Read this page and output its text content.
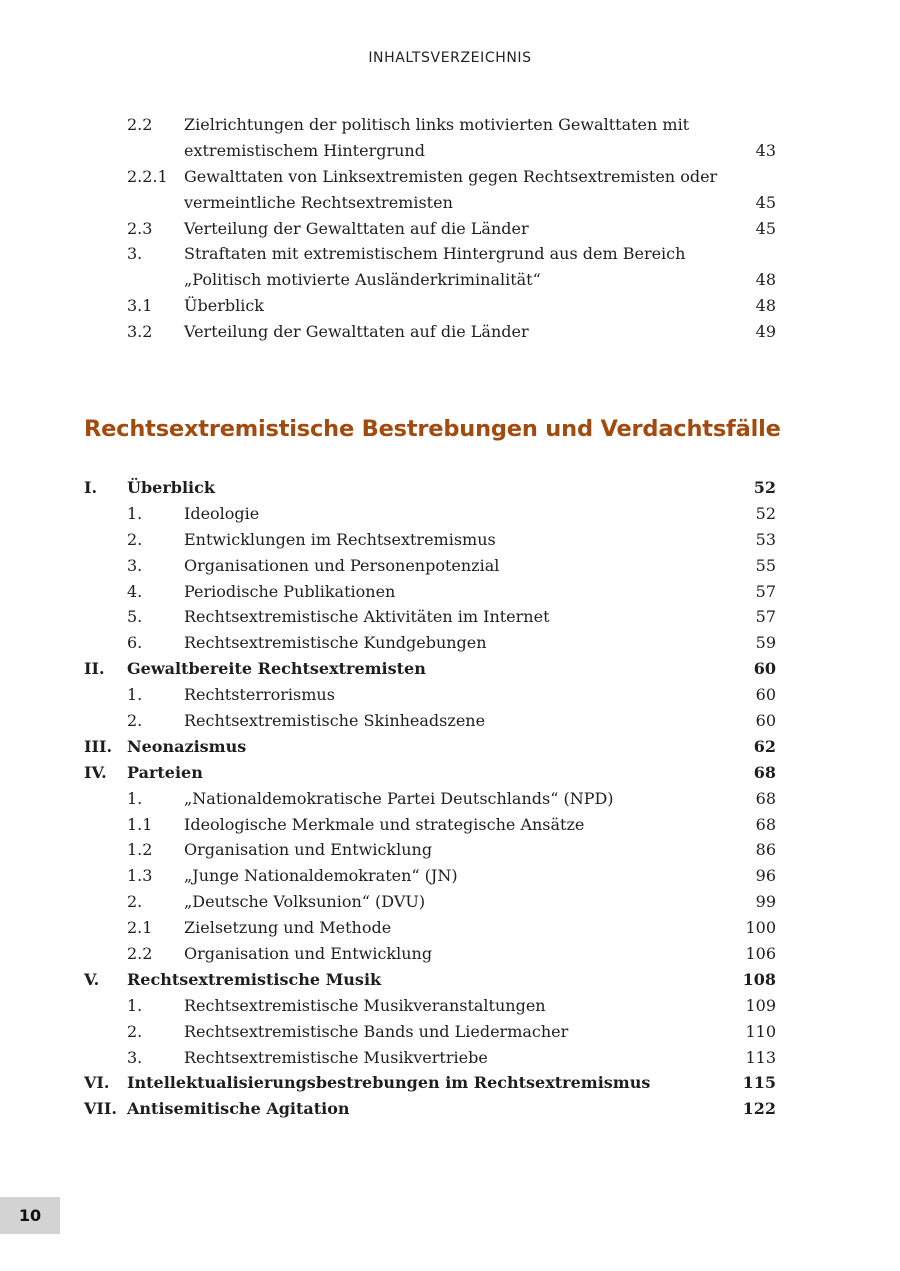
INHALTSVERZEICHNIS
2.2 Zielrichtungen der politisch links motivierten Gewalttaten mit
extremistischem Hintergrund	43
2.2.1 Gewalttaten von Linksextremisten gegen Rechtsextremisten oder
vermeintliche Rechtsextremisten	45
2.3 Verteilung der Gewalttaten auf die Länder	45
3.	Straftaten mit extremistischem Hintergrund aus dem Bereich
„Politisch motivierte Ausländerkriminalität“	48
3.1 Überblick	48
3.2 Verteilung der Gewalttaten auf die Länder	49
Rechtsextremistische Bestrebungen und Verdachtsfälle
I. Überblick	52
1.	Ideologie	52
2.	Entwicklungen im Rechtsextremismus	53
3.	Organisationen und Personenpotenzial	55
4.	Periodische Publikationen	57
5.	Rechtsextremistische Aktivitäten im Internet	57
6.	Rechtsextremistische Kundgebungen	59
II. Gewaltbereite Rechtsextremisten	60
1.	Rechtsterrorismus	60
2.	Rechtsextremistische Skinheadszene	60
III. Neonazismus	62
IV. Parteien	68
1.	„Nationaldemokratische Partei Deutschlands“ (NPD)	68
1.1 Ideologische Merkmale und strategische Ansätze	68
1.2 Organisation und Entwicklung	86
1.3 „Junge Nationaldemokraten“ (JN)	96
2.	„Deutsche Volksunion“ (DVU)	99
2.1 Zielsetzung und Methode	100
2.2 Organisation und Entwicklung	106
V. Rechtsextremistische Musik	108
1.	Rechtsextremistische Musikveranstaltungen	109
2.	Rechtsextremistische Bands und Liedermacher	110
3.	Rechtsextremistische Musikvertriebe	113
VI. Intellektualisierungsbestrebungen im Rechtsextremismus	115
VII. Antisemitische Agitation	122
10
